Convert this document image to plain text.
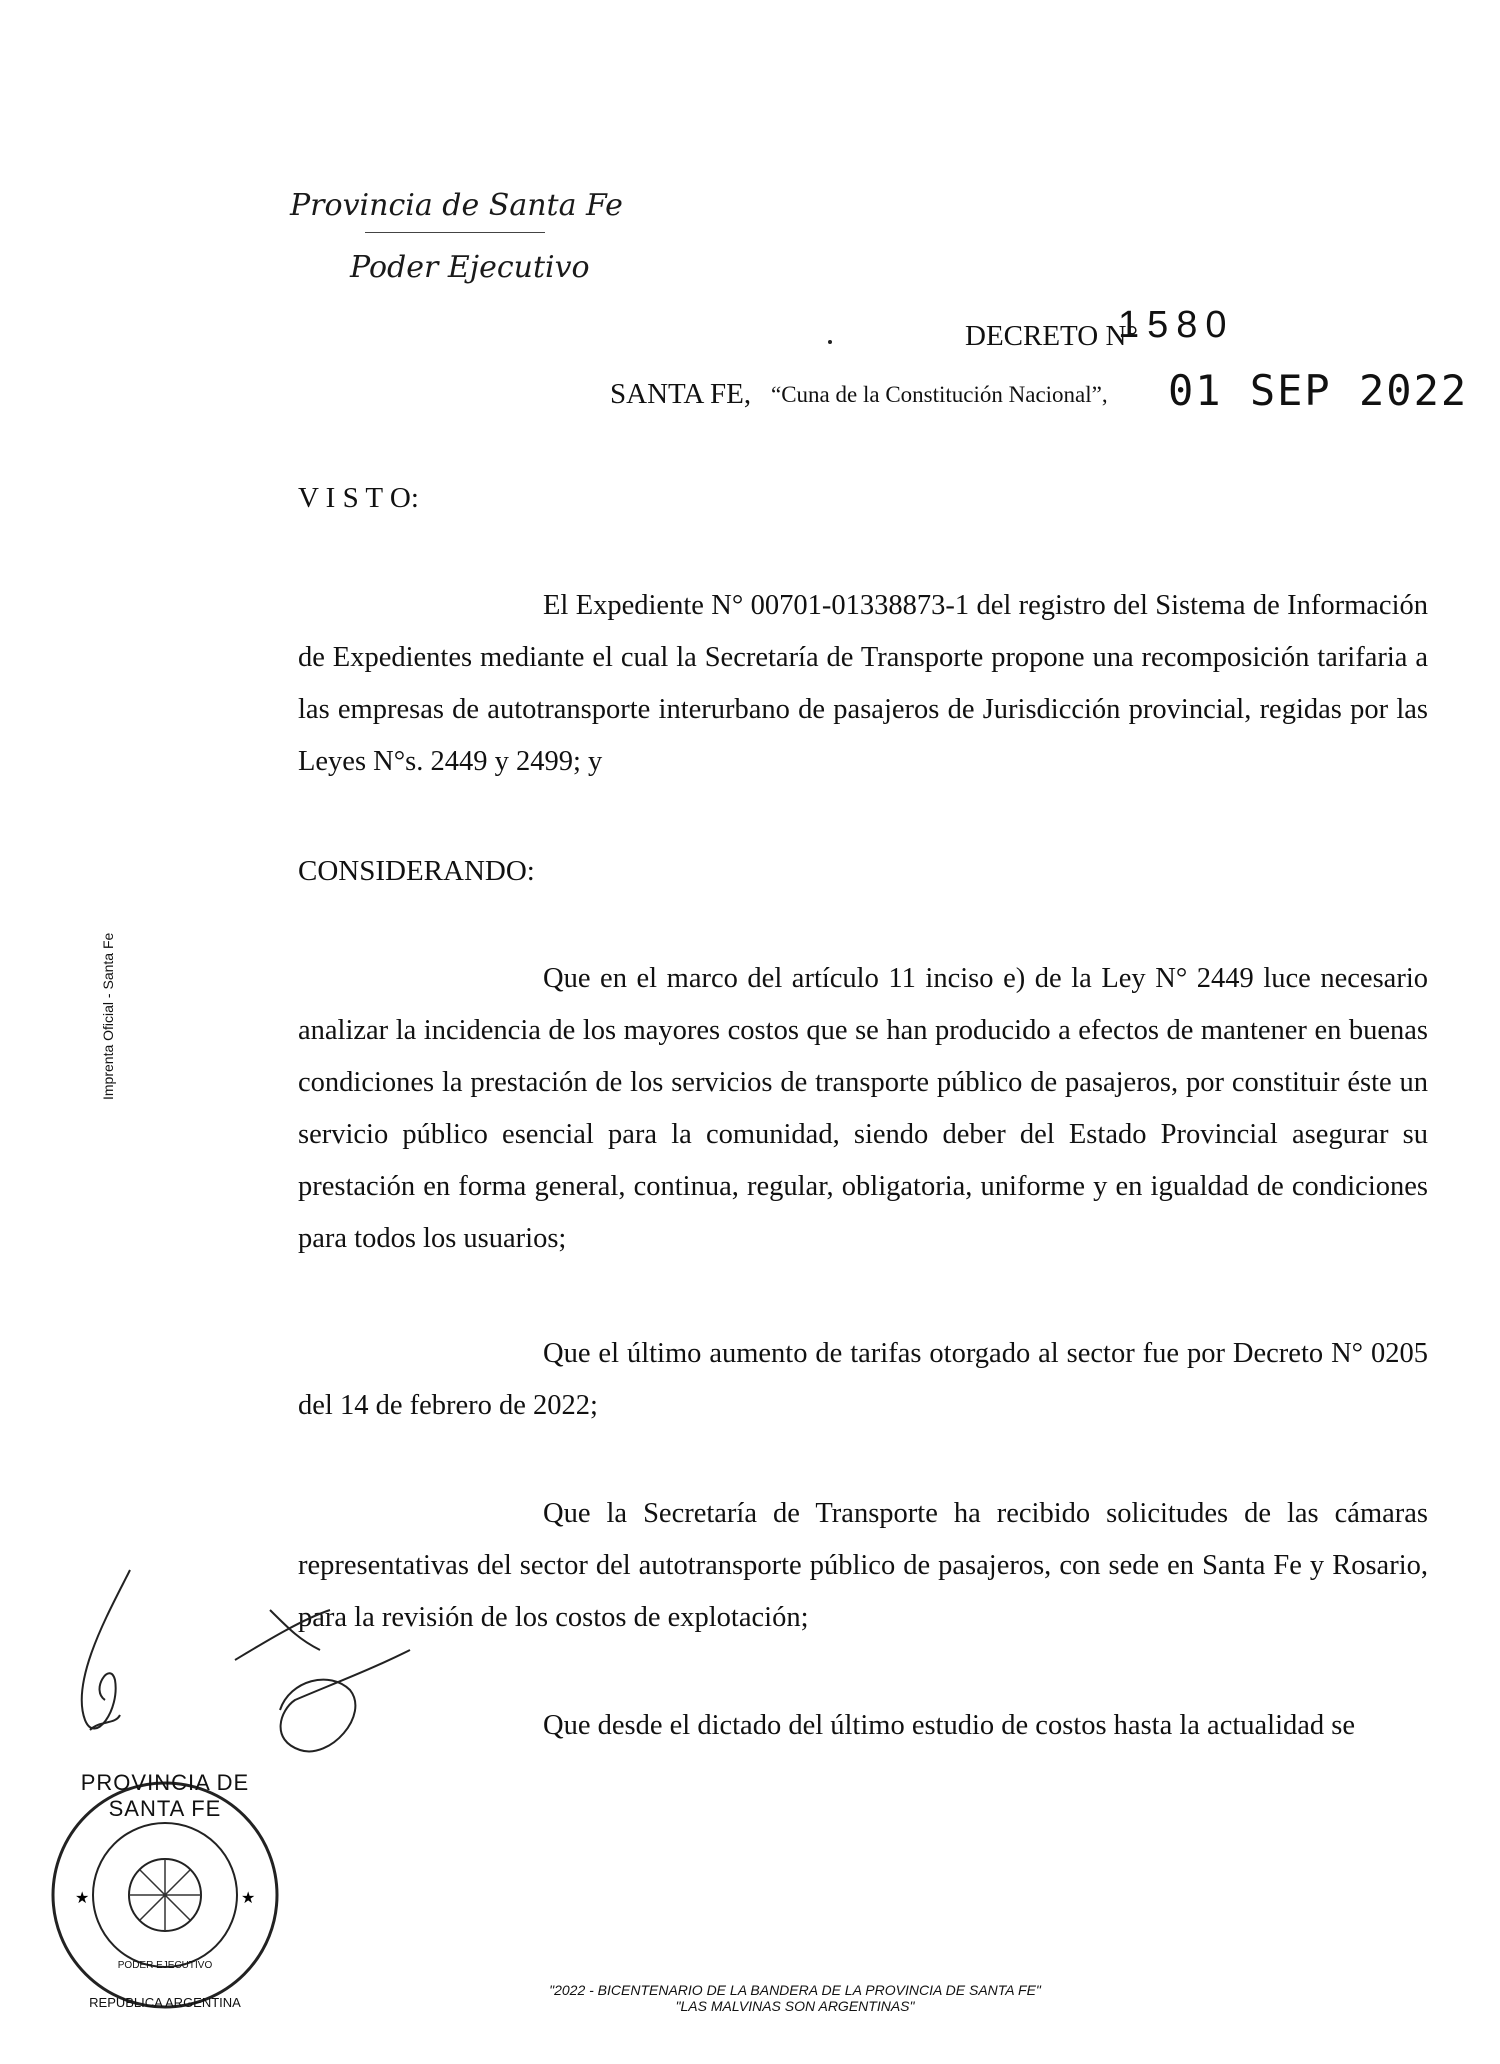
Provincia de Santa Fe
Poder Ejecutivo
DECRETO N°
1580
SANTA FE, “Cuna de la Constitución Nacional”, 01 SEP 2022
V I S T O:
El Expediente N° 00701-01338873-1 del registro del Sistema de Información de Expedientes mediante el cual la Secretaría de Transporte propone una recomposición tarifaria a las empresas de autotransporte interurbano de pasajeros de Jurisdicción provincial, regidas por las Leyes N°s. 2449 y 2499; y
CONSIDERANDO:
Que en el marco del artículo 11 inciso e) de la Ley N° 2449 luce necesario analizar la incidencia de los mayores costos que se han producido a efectos de mantener en buenas condiciones la prestación de los servicios de transporte público de pasajeros, por constituir éste un servicio público esencial para la comunidad, siendo deber del Estado Provincial asegurar su prestación en forma general, continua, regular, obligatoria, uniforme y en igualdad de condiciones para todos los usuarios;
Que el último aumento de tarifas otorgado al sector fue por Decreto N° 0205 del 14 de febrero de 2022;
Que la Secretaría de Transporte ha recibido solicitudes de las cámaras representativas del sector del autotransporte público de pasajeros, con sede en Santa Fe y Rosario, para la revisión de los costos de explotación;
Que desde el dictado del último estudio de costos hasta la actualidad se
Imprenta Oficial - Santa Fe
★	★
PROVINCIA DE SANTA FE
PODER EJECUTIVO
REPUBLICA ARGENTINA
"2022 - BICENTENARIO DE LA BANDERA DE LA PROVINCIA DE SANTA FE"
"LAS MALVINAS SON ARGENTINAS"
